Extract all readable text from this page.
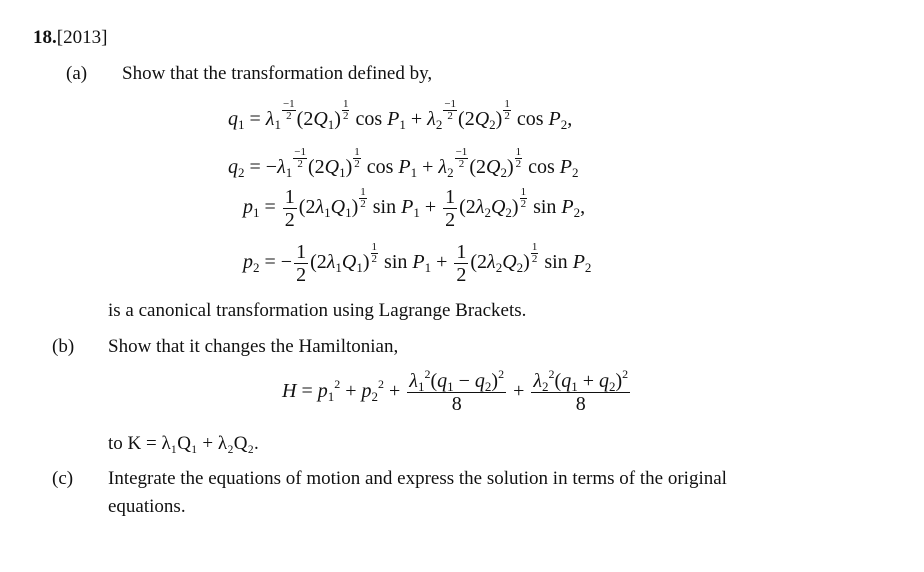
18.[2013]
(a) Show that the transformation defined by,
$q_1 = \lambda_1$
$\frac{-1}{2} (2Q_1) \frac{1}{2}$ $\cos P_1 + \lambda_2$
$\frac{-1}{2} (2Q_2) \frac{1}{2}$ $\cos P_2$,
$q_2 = -\lambda_1$
$\frac{-1}{2} (2Q_1) \frac{1}{2}$ $\cos P_1 + \lambda_2$
$\frac{-1}{2} (2Q_2) \frac{1}{2}$ $\cos P_2$
$p_1 = \frac{1}{2} (2\lambda_1Q_1) \frac{1}{2}$ $\sin P_1 + \frac{1}{2} (2\lambda_2Q_2) \frac{1}{2}$ $\sin P_2$,
$p_2$ = − $\frac{1}{2} (2\lambda_1Q_1) \frac{1}{2}$ $\sin P_1 + \frac{1}{2} (2\lambda_2Q_2) \frac{1}{2}$ $\sin P_2$
is a canonical transformation using Lagrange Brackets.
(b) Show that it changes the Hamiltonian,
$H = p_1^2 + p_2^2 + \frac{\lambda_1^2(q_1 - q_2)^2}{8} + \frac{\lambda_2^2(q_1 + q_2)^2}{8}$
to K = λ₁Q₁ + λ₂Q₂.
(c) Integrate the equations of motion and express the solution in terms of the original
equations.
